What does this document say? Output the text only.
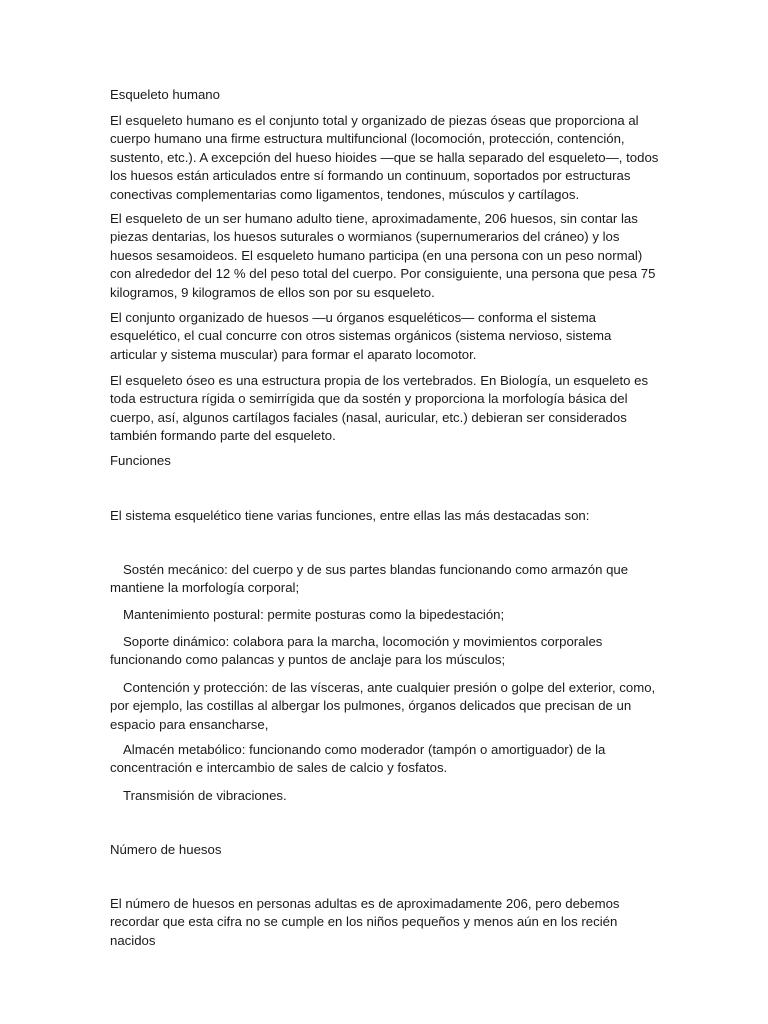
Esqueleto humano

El esqueleto humano es el conjunto total y organizado de piezas óseas que proporciona al cuerpo humano una firme estructura multifuncional (locomoción, protección, contención, sustento, etc.). A excepción del hueso hioides —que se halla separado del esqueleto—, todos los huesos están articulados entre sí formando un continuum, soportados por estructuras conectivas complementarias como ligamentos, tendones, músculos y cartílagos.

El esqueleto de un ser humano adulto tiene, aproximadamente, 206 huesos, sin contar las piezas dentarias, los huesos suturales o wormianos (supernumerarios del cráneo) y los huesos sesamoideos. El esqueleto humano participa (en una persona con un peso normal) con alrededor del 12 % del peso total del cuerpo. Por consiguiente, una persona que pesa 75 kilogramos, 9 kilogramos de ellos son por su esqueleto.

El conjunto organizado de huesos —u órganos esqueléticos— conforma el sistema esquelético, el cual concurre con otros sistemas orgánicos (sistema nervioso, sistema articular y sistema muscular) para formar el aparato locomotor.

El esqueleto óseo es una estructura propia de los vertebrados. En Biología, un esqueleto es toda estructura rígida o semirrígida que da sostén y proporciona la morfología básica del cuerpo, así, algunos cartílagos faciales (nasal, auricular, etc.) debieran ser considerados también formando parte del esqueleto.

Funciones

El sistema esquelético tiene varias funciones, entre ellas las más destacadas son:

Sostén mecánico: del cuerpo y de sus partes blandas funcionando como armazón que mantiene la morfología corporal;

Mantenimiento postural: permite posturas como la bipedestación;

Soporte dinámico: colabora para la marcha, locomoción y movimientos corporales funcionando como palancas y puntos de anclaje para los músculos;

Contención y protección: de las vísceras, ante cualquier presión o golpe del exterior, como, por ejemplo, las costillas al albergar los pulmones, órganos delicados que precisan de un espacio para ensancharse,

Almacén metabólico: funcionando como moderador (tampón o amortiguador) de la concentración e intercambio de sales de calcio y fosfatos.

Transmisión de vibraciones.

Número de huesos

El número de huesos en personas adultas es de aproximadamente 206, pero debemos recordar que esta cifra no se cumple en los niños pequeños y menos aún en los recién nacidos
